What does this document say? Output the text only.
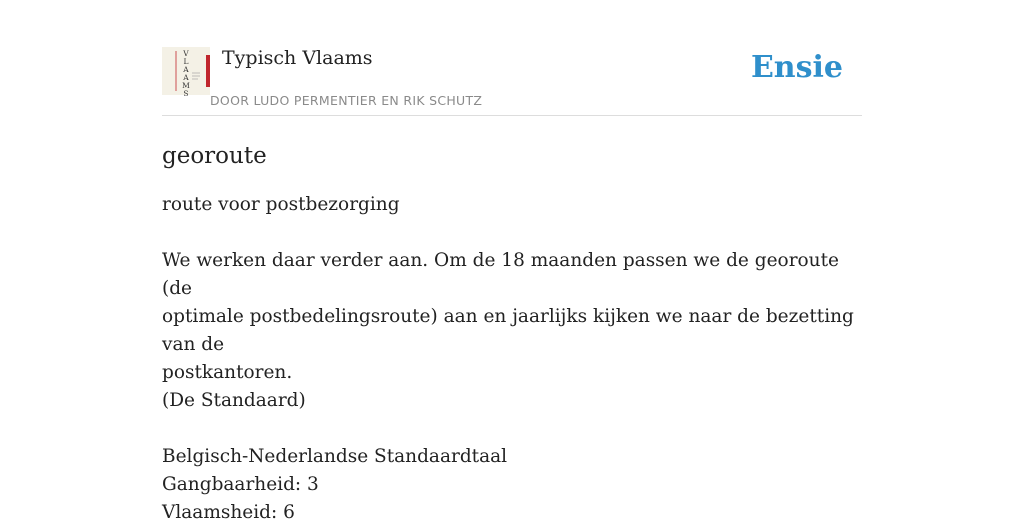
V L A A M S
Typisch Vlaams
DOOR LUDO PERMENTIER EN RIK SCHUTZ
Ensie
georoute
route voor postbezorging
We werken daar verder aan. Om de 18 maanden passen we de georoute (de
optimale postbedelingsroute) aan en jaarlijks kijken we naar de bezetting van de
postkantoren.
(De Standaard)
Belgisch-Nederlandse Standaardtaal
Gangbaarheid: 3
Vlaamsheid: 6
